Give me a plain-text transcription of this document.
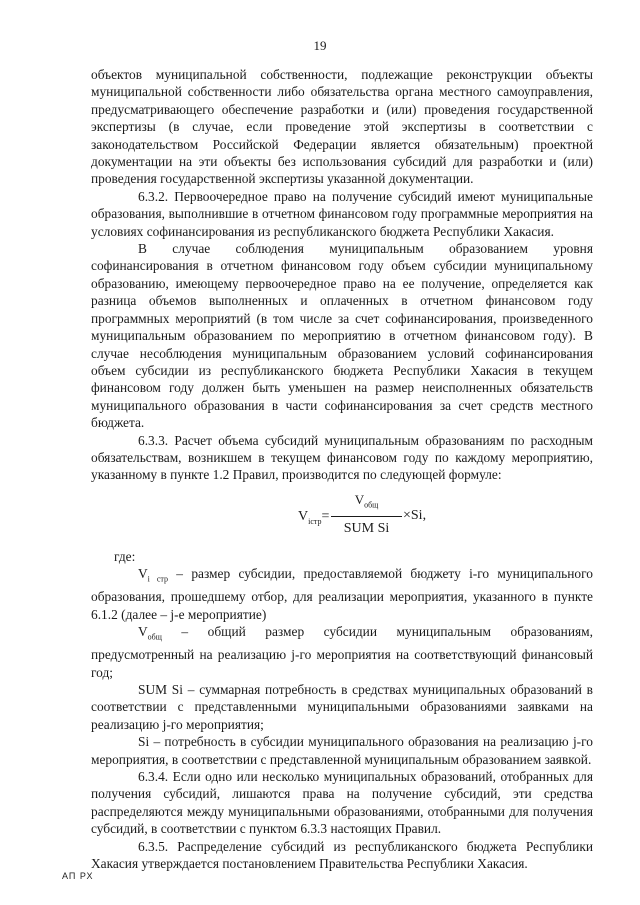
19

объектов муниципальной собственности, подлежащие реконструкции объекты муниципальной собственности либо обязательства органа местного самоуправления, предусматривающего обеспечение разработки и (или) проведения государственной экспертизы (в случае, если проведение этой экспертизы в соответствии с законодательством Российской Федерации является обязательным) проектной документации на эти объекты без использования субсидий для разработки и (или) проведения государственной экспертизы указанной документации.

6.3.2. Первоочередное право на получение субсидий имеют муниципальные образования, выполнившие в отчетном финансовом году программные мероприятия на условиях софинансирования из республиканского бюджета Республики Хакасия.

В случае соблюдения муниципальным образованием уровня софинансирования в отчетном финансовом году объем субсидии муниципальному образованию, имеющему первоочередное право на ее получение, определяется как разница объемов выполненных и оплаченных в отчетном финансовом году программных мероприятий (в том числе за счет софинансирования, произведенного муниципальным образованием по мероприятию в отчетном финансовом году). В случае несоблюдения муниципальным образованием условий софинансирования объем субсидии из республиканского бюджета Республики Хакасия в текущем финансовом году должен быть уменьшен на размер неисполненных обязательств муниципального образования в части софинансирования за счет средств местного бюджета.

6.3.3. Расчет объема субсидий муниципальным образованиям по расходным обязательствам, возникшем в текущем финансовом году по каждому мероприятию, указанному в пункте 1.2 Правил, производится по следующей формуле:

$V_{iстр}=$
$V_{общ}$
SUM Si
×Si,

где:

$V_{i стр}$ – размер субсидии, предоставляемой бюджету i-го муниципального образования, прошедшему отбор, для реализации мероприятия, указанного в пункте 6.1.2 (далее – j-е мероприятие)

$V_{общ}$ – общий размер субсидии муниципальным образованиям, предусмотренный на реализацию j-го мероприятия на соответствующий финансовый год;

SUM Si – суммарная потребность в средствах муниципальных образований в соответствии с представленными муниципальными образованиями заявками на реализацию j-го мероприятия;

Si – потребность в субсидии муниципального образования на реализацию j-го мероприятия, в соответствии с представленной муниципальным образованием заявкой.

6.3.4. Если одно или несколько муниципальных образований, отобранных для получения субсидий, лишаются права на получение субсидий, эти средства распределяются между муниципальными образованиями, отобранными для получения субсидий, в соответствии с пунктом 6.3.3 настоящих Правил.

6.3.5. Распределение субсидий из республиканского бюджета Республики Хакасия утверждается постановлением Правительства Республики Хакасия.

АП РХ
